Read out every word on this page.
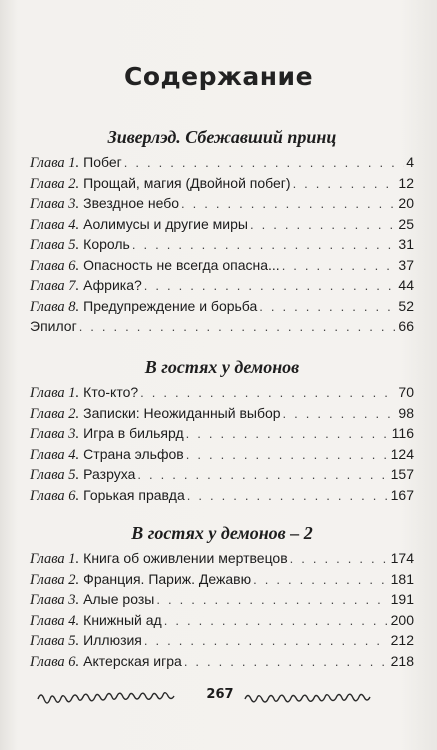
Содержание
Зиверлэд. Сбежавший принц
Глава 1. Побег . . .	4
Глава 2. Прощай, магия (Двойной побег) . . .	12
Глава 3. Звездное небо . . .	20
Глава 4. Аолимусы и другие миры . . .	25
Глава 5. Король . . .	31
Глава 6. Опасность не всегда опасна... . . .	37
Глава 7. Африка? . . .	44
Глава 8. Предупреждение и борьба . . .	52
Эпилог . . .	66
В гостях у демонов
Глава 1. Кто-кто? . . .	70
Глава 2. Записки: Неожиданный выбор . . .	98
Глава 3. Игра в бильярд . . .	116
Глава 4. Страна эльфов . . .	124
Глава 5. Разруха . . .	157
Глава 6. Горькая правда . . .	167
В гостях у демонов – 2
Глава 1. Книга об оживлении мертвецов . . .	174
Глава 2. Франция. Париж. Дежавю . . .	181
Глава 3. Алые розы . . .	191
Глава 4. Книжный ад . . .	200
Глава 5. Иллюзия . . .	212
Глава 6. Актерская игра . . .	218
267
